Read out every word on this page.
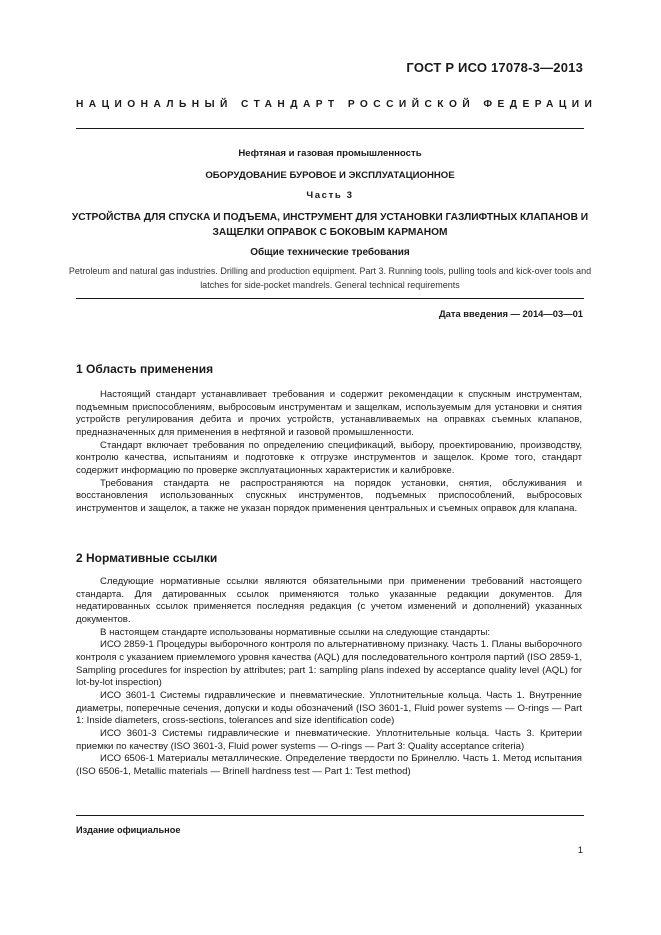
ГОСТ Р ИСО 17078-3—2013
НАЦИОНАЛЬНЫЙ СТАНДАРТ РОССИЙСКОЙ ФЕДЕРАЦИИ
Нефтяная и газовая промышленность
ОБОРУДОВАНИЕ БУРОВОЕ И ЭКСПЛУАТАЦИОННОЕ
Часть 3
УСТРОЙСТВА ДЛЯ СПУСКА И ПОДЪЕМА, ИНСТРУМЕНТ ДЛЯ УСТАНОВКИ ГАЗЛИФТНЫХ КЛАПАНОВ И ЗАЩЕЛКИ ОПРАВОК С БОКОВЫМ КАРМАНОМ
Общие технические требования
Petroleum and natural gas industries. Drilling and production equipment. Part 3. Running tools, pulling tools and kick-over tools and latches for side-pocket mandrels. General technical requirements
Дата введения — 2014—03—01
1 Область применения
2 Нормативные ссылки
Издание официальное
1
Настоящий стандарт устанавливает требования и содержит рекомендации к спускным инструментам, подъемным приспособлениям, выбросовым инструментам и защелкам, используемым для установки и снятия устройств регулирования дебита и прочих устройств, устанавливаемых на оправках съемных клапанов, предназначенных для применения в нефтяной и газовой промышленности.
Стандарт включает требования по определению спецификаций, выбору, проектированию, производству, контролю качества, испытаниям и подготовке к отгрузке инструментов и защелок. Кроме того, стандарт содержит информацию по проверке эксплуатационных характеристик и калибровке.
Требования стандарта не распространяются на порядок установки, снятия, обслуживания и восстановления использованных спускных инструментов, подъемных приспособлений, выбросовых инструментов и защелок, а также не указан порядок применения центральных и съемных оправок для клапана.
Следующие нормативные ссылки являются обязательными при применении требований настоящего стандарта. Для датированных ссылок применяются только указанные редакции документов. Для недатированных ссылок применяется последняя редакция (с учетом изменений и дополнений) указанных документов.
В настоящем стандарте использованы нормативные ссылки на следующие стандарты:
ИСО 2859-1 Процедуры выборочного контроля по альтернативному признаку. Часть 1. Планы выборочного контроля с указанием приемлемого уровня качества (AQL) для последовательного контроля партий (ISO 2859-1, Sampling procedures for inspection by attributes; part 1: sampling plans indexed by acceptance quality level (AQL) for lot-by-lot inspection)
ИСО 3601-1 Системы гидравлические и пневматические. Уплотнительные кольца. Часть 1. Внутренние диаметры, поперечные сечения, допуски и коды обозначений (ISO 3601-1, Fluid power systems — O-rings — Part 1: Inside diameters, cross-sections, tolerances and size identification code)
ИСО 3601-3 Системы гидравлические и пневматические. Уплотнительные кольца. Часть 3. Критерии приемки по качеству (ISO 3601-3, Fluid power systems — O-rings — Part 3: Quality acceptance criteria)
ИСО 6506-1 Материалы металлические. Определение твердости по Бринеллю. Часть 1. Метод испытания (ISO 6506-1, Metallic materials — Brinell hardness test — Part 1: Test method)
